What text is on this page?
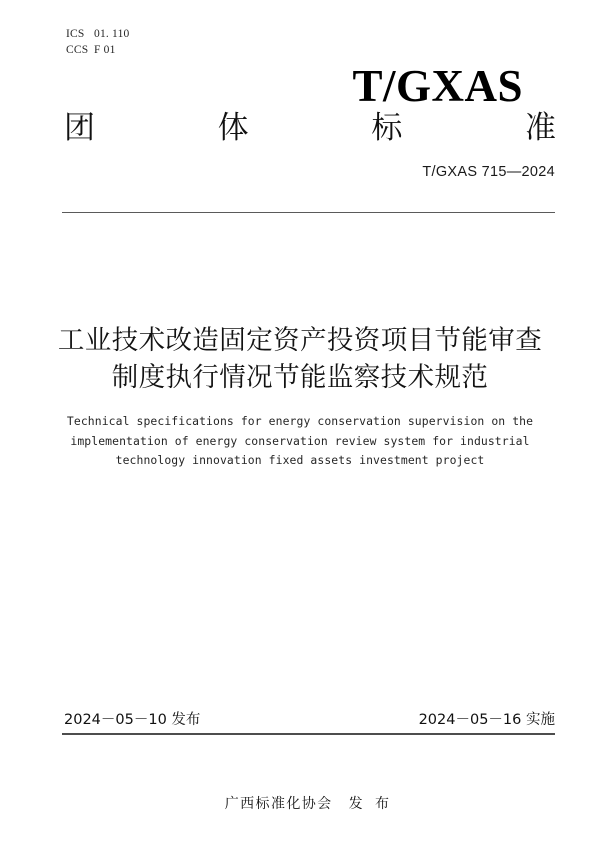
ICS 01. 110
CCS F 01
T/GXAS
团	体	标	准
T/GXAS 715—2024
工业技术改造固定资产投资项目节能审查
制度执行情况节能监察技术规范
Technical specifications for energy conservation supervision on the
implementation of energy conservation review system for industrial
technology innovation fixed assets investment project
2024－05－10 发布	2024－05－16 实施

广西标准化协会 发 布
